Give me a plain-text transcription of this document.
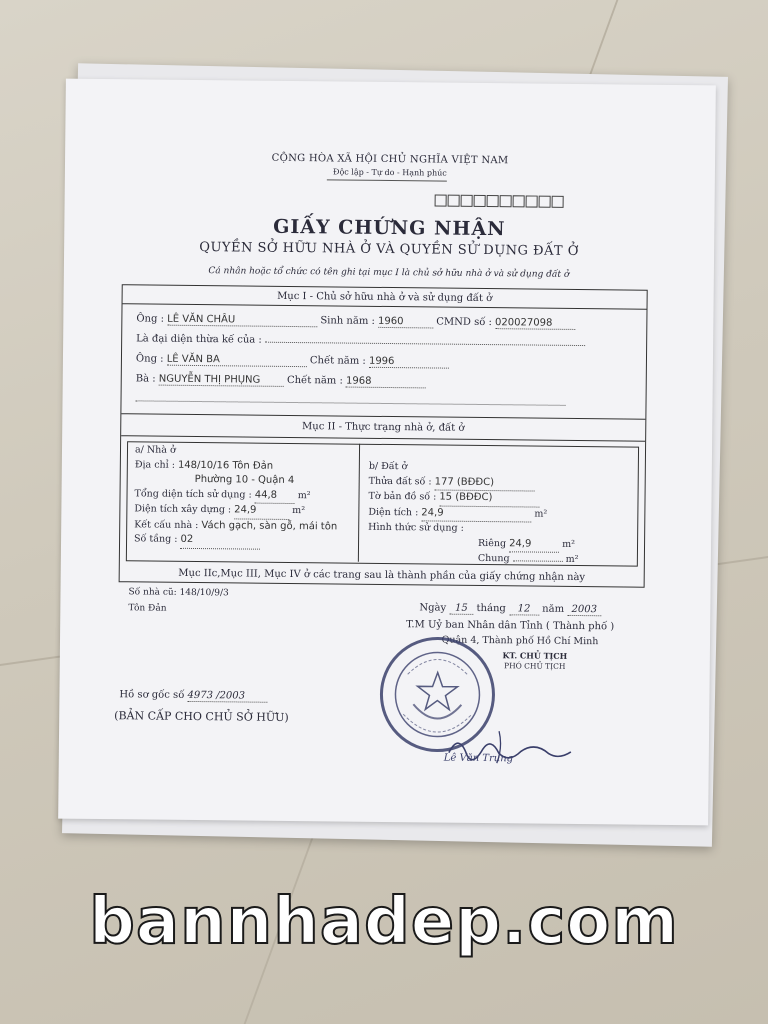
CỘNG HÒA XÃ HỘI CHỦ NGHĨA VIỆT NAM
Độc lập - Tự do - Hạnh phúc
GIẤY CHỨNG NHẬN
QUYỀN SỞ HỮU NHÀ Ở VÀ QUYỀN SỬ DỤNG ĐẤT Ở
Cá nhân hoặc tổ chức có tên ghi tại mục I là chủ sở hữu nhà ở và sử dụng đất ở
Mục I - Chủ sở hữu nhà ở và sử dụng đất ở
Ông : LÊ VĂN CHÂU	Sinh năm : 1960	CMND số : 020027098
Là đại diện thừa kế của :
Ông : LÊ VĂN BA	Chết năm : 1996
Bà : NGUYỄN THỊ PHỤNG	Chết năm : 1968
Mục II - Thực trạng nhà ở, đất ở
a/ Nhà ở
Địa chỉ : 148/10/16 Tôn Đản
Phường 10 - Quận 4
Tổng diện tích sử dụng : 44,8 m²
Diện tích xây dựng : 24,9	m²
Kết cấu nhà : Vách gạch, sàn gỗ, mái tôn
Số tầng : 02
b/ Đất ở
Thửa đất số : 177 (BĐĐC)
Tờ bản đồ số : 15 (BĐĐC)
Diện tích : 24,9	m²
Hình thức sử dụng :
Riêng 24,9	m²
Chung	m²
Mục IIc,Mục III, Mục IV ở các trang sau là thành phần của giấy chứng nhận này
Số nhà cũ: 148/10/9/3
Tôn Đản	Ngày 15 tháng 12 năm 2003
T.M Uỷ ban Nhân dân Tỉnh ( Thành phố )
Quận 4, Thành phố Hồ Chí Minh
KT. CHỦ TỊCH
PHÓ CHỦ TỊCH
Lê Văn Trung
Hồ sơ gốc số 4973 /2003
(BẢN CẤP CHO CHỦ SỞ HỮU)
bannhadep.com
